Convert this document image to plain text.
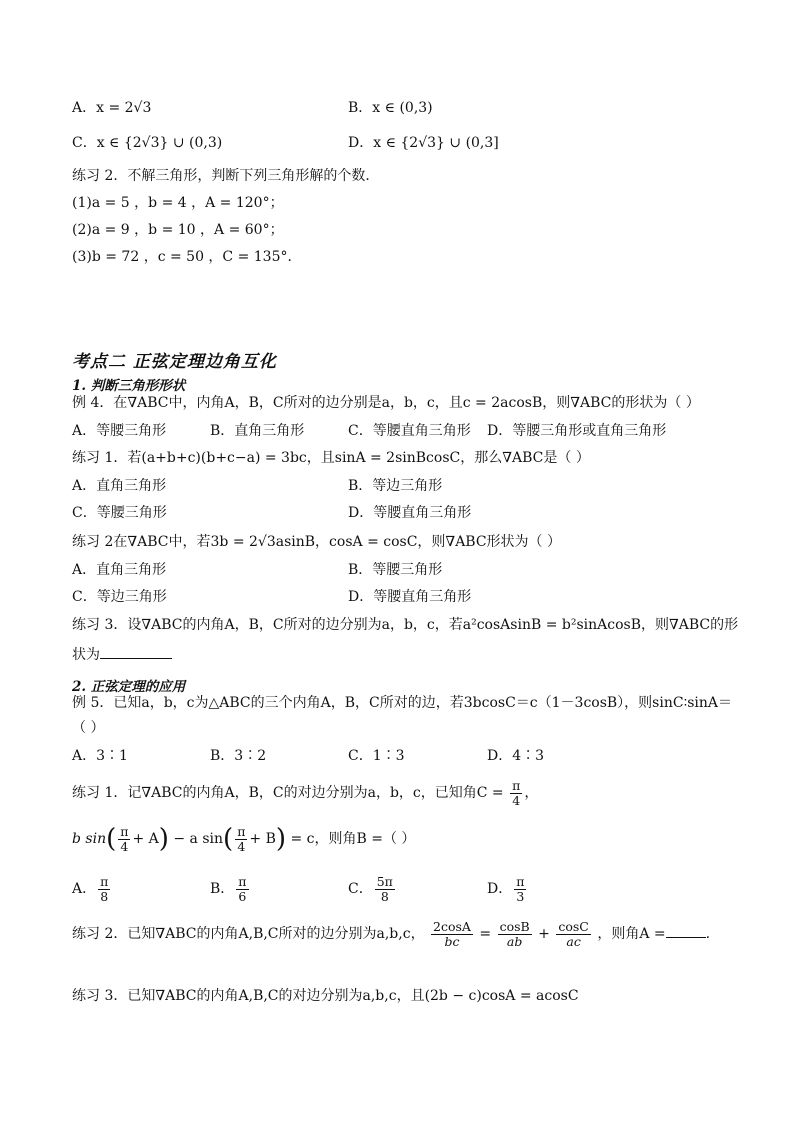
A．x = 2√3	B．x ∈ (0,3)
C．x ∈ {2√3} ∪ (0,3)	D．x ∈ {2√3} ∪ (0,3]
练习 2．不解三角形，判断下列三角形解的个数．
(1)a = 5 ，b = 4 ，A = 120°；
(2)a = 9 ，b = 10 ，A = 60°；
(3)b = 72 ，c = 50 ，C = 135°．
考点二 正弦定理边角互化
1. 判断三角形形状
例 4．在∇ABC中，内角A，B，C所对的边分别是a，b，c，且c = 2acosB，则∇ABC的形状为（ ）
A．等腰三角形	B．直角三角形	C．等腰直角三角形 D．等腰三角形或直角三角形
练习 1．若(a+b+c)(b+c−a) = 3bc，且sinA = 2sinBcosC，那么∇ABC是（ ）
A．直角三角形	B．等边三角形
C．等腰三角形	D．等腰直角三角形
练习 2在∇ABC中，若3b = 2√3asinB，cosA = cosC，则∇ABC形状为（ ）
A．直角三角形	B．等腰三角形
C．等边三角形	D．等腰直角三角形
练习 3．设∇ABC的内角A，B，C所对的边分别为a，b，c，若a²cosAsinB = b²sinAcosB，则∇ABC的形
状为
2. 正弦定理的应用
例 5．已知a，b，c为△ABC的三个内角A，B，C所对的边，若3bcosC＝c（1－3cosB），则sinC∶sinA＝
（ ）
A．3∶1	B．3∶2	C．1∶3	D．4∶3
练习 1．记∇ABC的内角A，B，C的对边分别为a，b，c，已知角$C = \frac{\pi}{4}$ ，
b $\sin( \frac{\pi}{4} + A) - a$ $\sin( \frac{\pi}{4} + B) = c$，则角B =（ ）
A． $\frac{\pi}{8}$	B． $\frac{\pi}{6}$	C． $\frac{5\pi}{8}$	D． $\frac{\pi}{3}$
练习 2．已知∇ABC的内角A,B,C所对的边分别为a,b,c， $\frac{2\cos A}{bc} = \frac{\cos B}{ab} + \frac{\cos C}{ac}$ ，则角A =	.
练习 3．已知∇ABC的内角A,B,C的对边分别为a,b,c，且(2b − c)cosA = acosC
